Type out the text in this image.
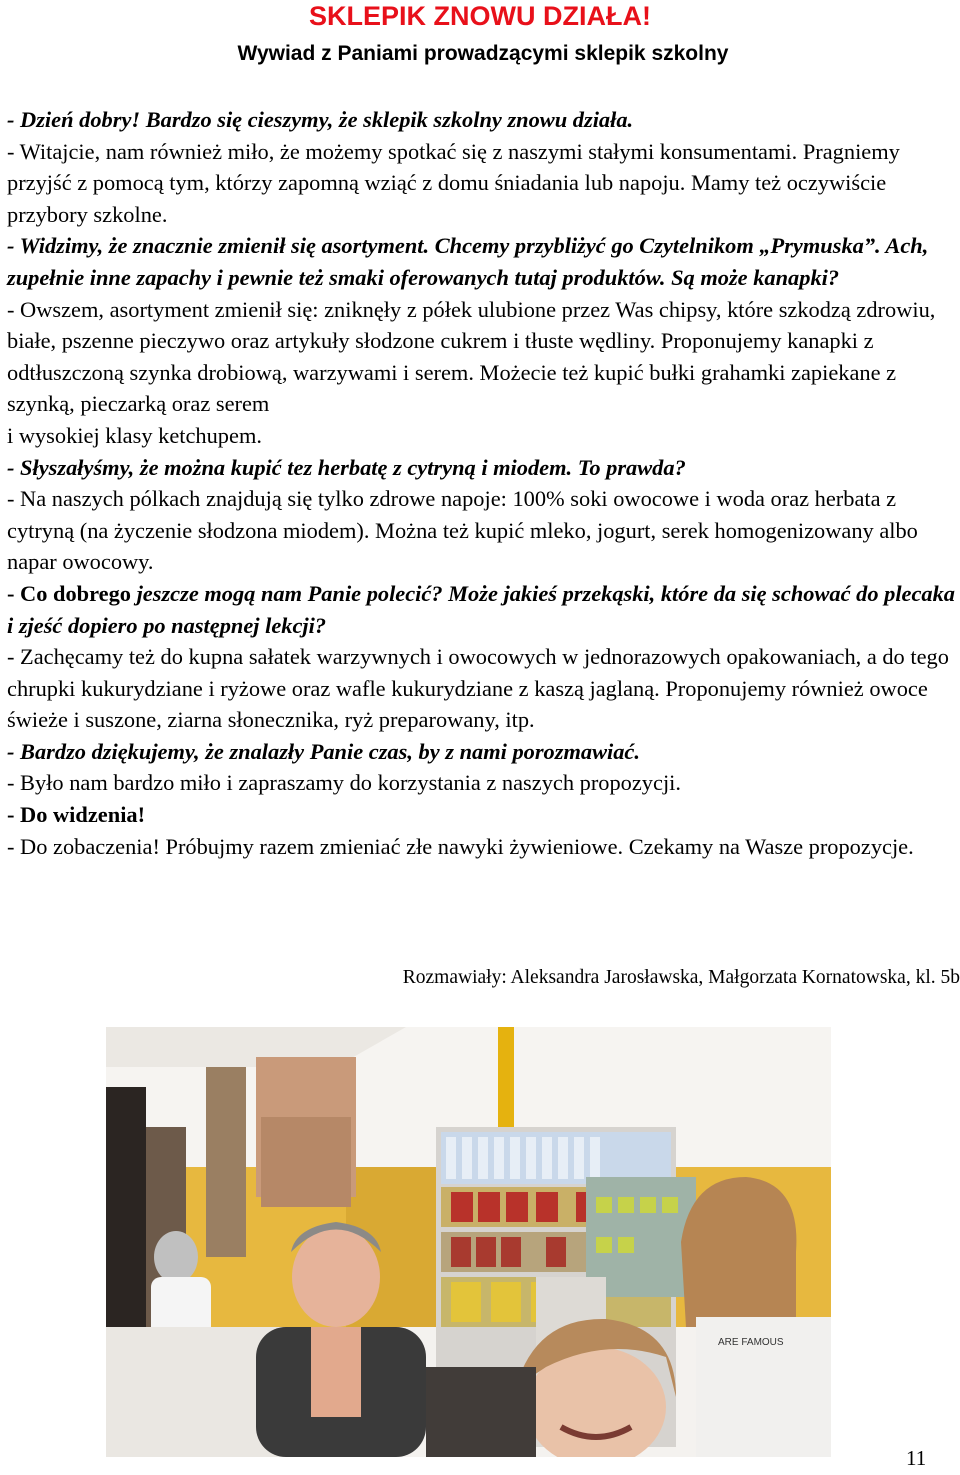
SKLEPIK ZNOWU DZIAŁA!
Wywiad z Paniami prowadzącymi sklepik szkolny

- Dzień dobry! Bardzo się cieszymy, że sklepik szkolny znowu działa.

- Witajcie, nam również miło, że możemy spotkać się z naszymi stałymi konsumentami. Pragniemy przyjść z pomocą tym, którzy zapomną wziąć z domu śniadania lub napoju. Mamy też oczywiście przybory szkolne.

- Widzimy, że znacznie zmienił się asortyment. Chcemy przybliżyć go Czytelnikom „Prymuska”. Ach, zupełnie inne zapachy i pewnie też smaki oferowanych tutaj produktów. Są może kanapki?

- Owszem, asortyment zmienił się: zniknęły z półek ulubione przez Was chipsy, które szkodzą zdrowiu, białe, pszenne pieczywo oraz artykuły słodzone cukrem i tłuste wędliny. Proponujemy kanapki z odtłuszczoną szynka drobiową, warzywami i serem. Możecie też kupić bułki grahamki zapiekane z szynką, pieczarką oraz serem
i wysokiej klasy ketchupem.

- Słyszałyśmy, że można kupić tez herbatę z cytryną i miodem. To prawda?

- Na naszych pólkach znajdują się tylko zdrowe napoje: 100% soki owocowe i woda oraz herbata z cytryną (na życzenie słodzona miodem). Można też kupić mleko, jogurt, serek homogenizowany albo napar owocowy.

- Co dobrego jeszcze mogą nam Panie polecić? Może jakieś przekąski, które da się schować do plecaka i zjeść dopiero po następnej lekcji?

- Zachęcamy też do kupna sałatek warzywnych i owocowych w jednorazowych opakowaniach, a do tego chrupki kukurydziane i ryżowe oraz wafle kukurydziane z kaszą jaglaną. Proponujemy również owoce świeże i suszone, ziarna słonecznika, ryż preparowany, itp.

- Bardzo dziękujemy, że znalazły Panie czas, by z nami porozmawiać.

- Było nam bardzo miło i zapraszamy do korzystania z naszych propozycji.

- Do widzenia!

- Do zobaczenia! Próbujmy razem zmieniać złe nawyki żywieniowe. Czekamy na Wasze propozycje.

Rozmawiały: Aleksandra Jarosławska, Małgorzata Kornatowska, kl. 5b
ARE FAMOUS
11
